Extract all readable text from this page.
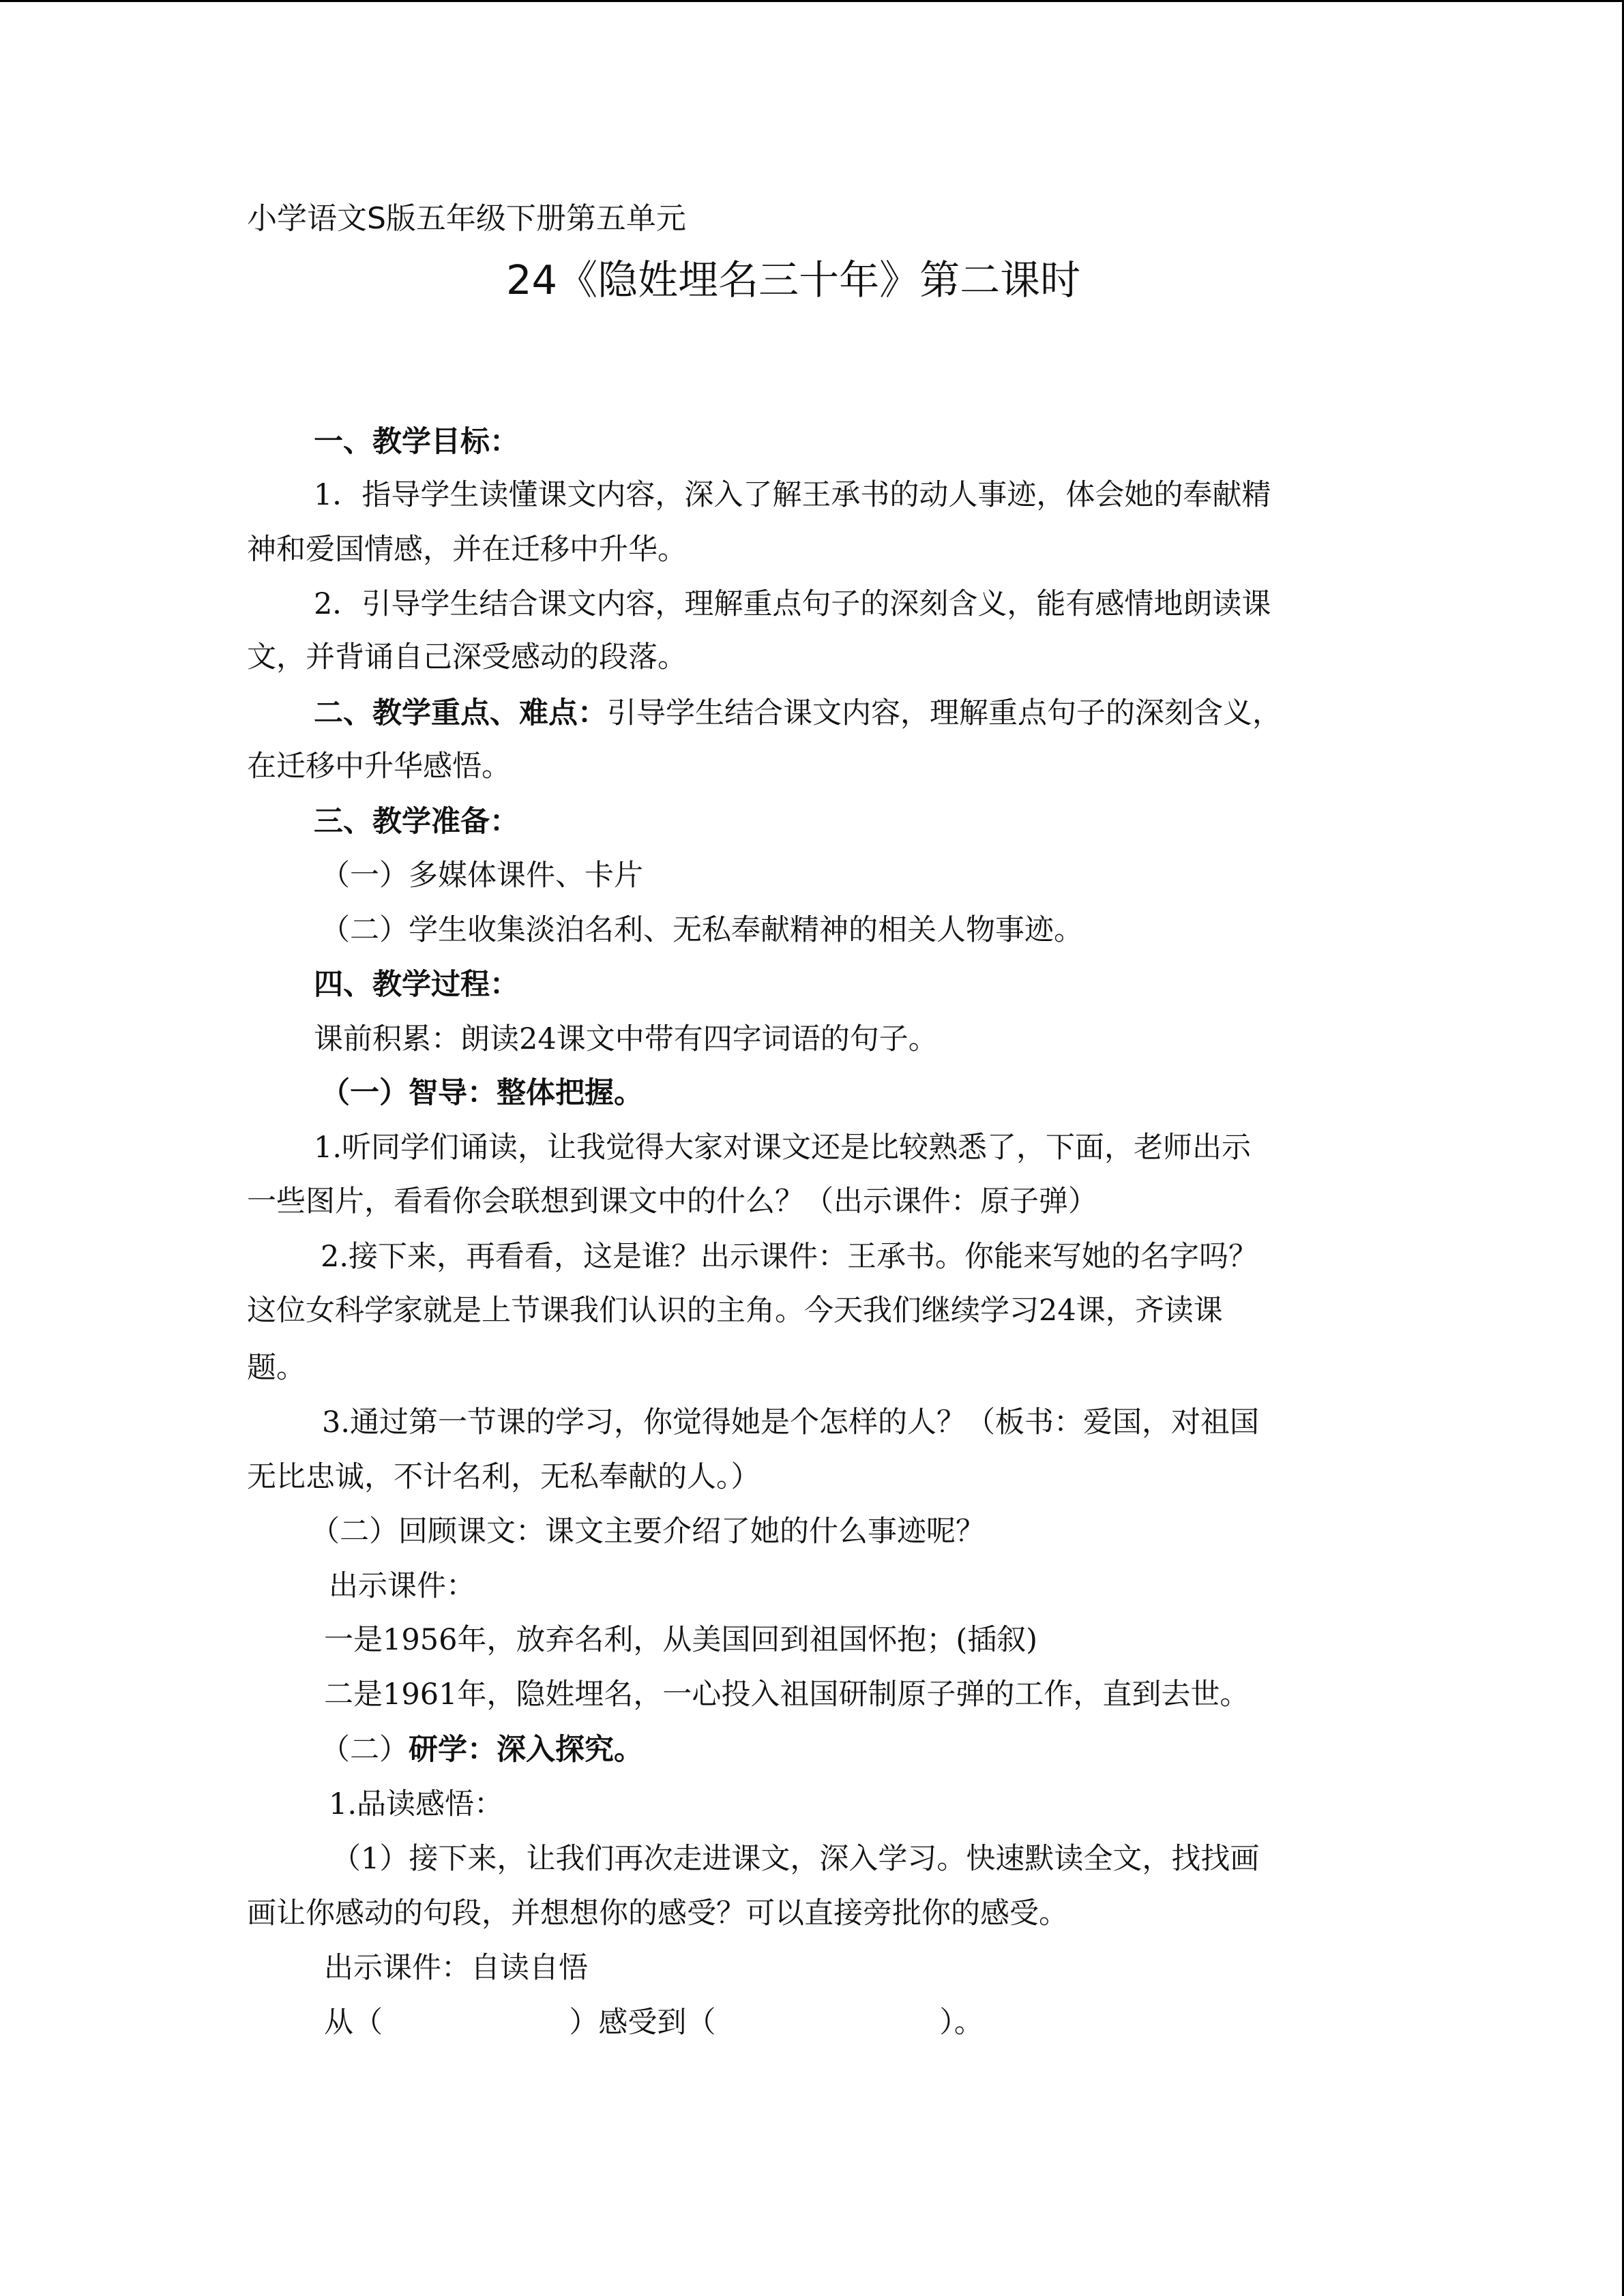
小学语文S版五年级下册第五单元
24《隐姓埋名三十年》第二课时
一、教学目标：
1．指导学生读懂课文内容，深入了解王承书的动人事迹，体会她的奉献精
神和爱国情感，并在迁移中升华。
2．引导学生结合课文内容，理解重点句子的深刻含义，能有感情地朗读课
文，并背诵自己深受感动的段落。
二、教学重点、难点：引导学生结合课文内容，理解重点句子的深刻含义，
在迁移中升华感悟。
三、教学准备：
（一）多媒体课件、卡片
（二）学生收集淡泊名利、无私奉献精神的相关人物事迹。
四、教学过程：
课前积累：朗读24课文中带有四字词语的句子。
（一）智导：整体把握。
1.听同学们诵读，让我觉得大家对课文还是比较熟悉了，下面，老师出示
一些图片，看看你会联想到课文中的什么？（出示课件：原子弹）
2.接下来，再看看，这是谁？出示课件：王承书。你能来写她的名字吗？
这位女科学家就是上节课我们认识的主角。今天我们继续学习24课，齐读课
题。
3.通过第一节课的学习，你觉得她是个怎样的人？（板书：爱国，对祖国
无比忠诚，不计名利，无私奉献的人。）
（二）回顾课文：课文主要介绍了她的什么事迹呢？
出示课件：
一是1956年，放弃名利，从美国回到祖国怀抱；(插叙)
二是1961年，隐姓埋名，一心投入祖国研制原子弹的工作，直到去世。
（二）研学：深入探究。
1.品读感悟：
（1）接下来，让我们再次走进课文，深入学习。快速默读全文，找找画
画让你感动的句段，并想想你的感受？可以直接旁批你的感受。
出示课件：自读自悟
从（                    ）感受到（                        ）。
